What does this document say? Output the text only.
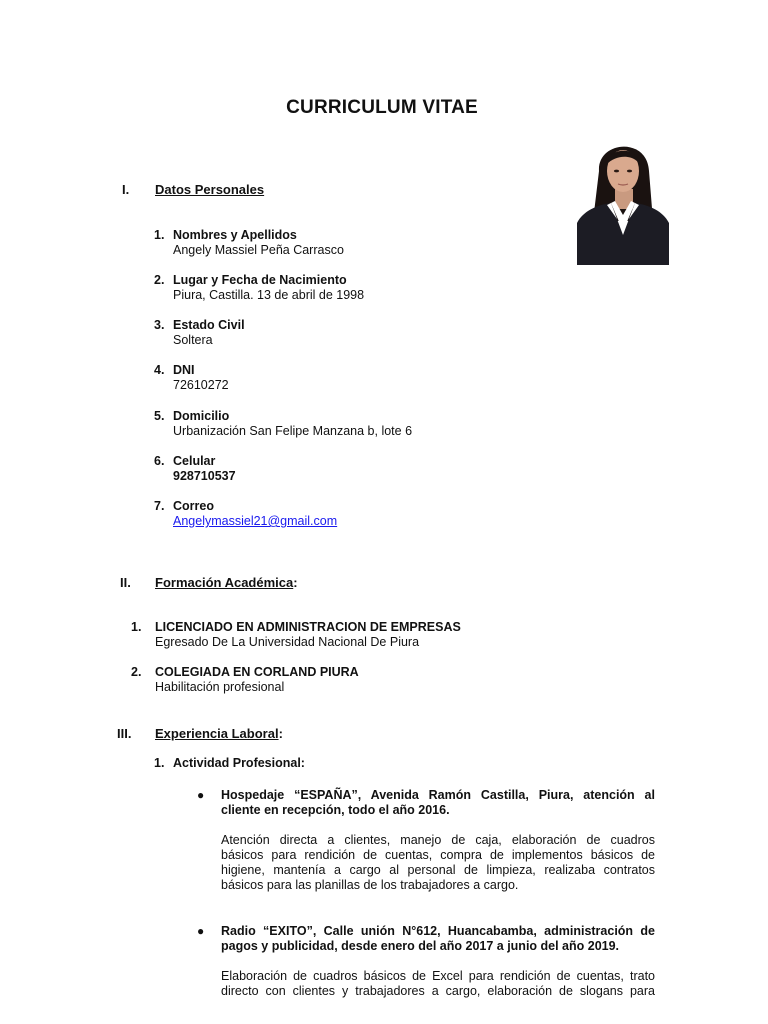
CURRICULUM VITAE
I. Datos Personales
1. Nombres y Apellidos
Angely Massiel Peña Carrasco
2. Lugar y Fecha de Nacimiento
Piura, Castilla. 13 de abril de 1998
3. Estado Civil
Soltera
4. DNI
72610272
5. Domicilio
Urbanización San Felipe Manzana b, lote 6
6. Celular
928710537
7. Correo
Angelymassiel21@gmail.com
II. Formación Académica:
1. LICENCIADO EN ADMINISTRACION DE EMPRESAS
Egresado De La Universidad Nacional De Piura
2. COLEGIADA EN CORLAND PIURA
Habilitación profesional
III. Experiencia Laboral:
1. Actividad Profesional:
● Hospedaje “ESPAÑA”, Avenida Ramón Castilla, Piura, atención al
cliente en recepción, todo el año 2016.
Atención directa a clientes, manejo de caja, elaboración de cuadros
básicos para rendición de cuentas, compra de implementos básicos de
higiene, mantenía a cargo al personal de limpieza, realizaba contratos
básicos para las planillas de los trabajadores a cargo.
● Radio “EXITO”, Calle unión N°612, Huancabamba, administración de
pagos y publicidad, desde enero del año 2017 a junio del año 2019.
Elaboración de cuadros básicos de Excel para rendición de cuentas, trato
directo con clientes y trabajadores a cargo, elaboración de slogans para
